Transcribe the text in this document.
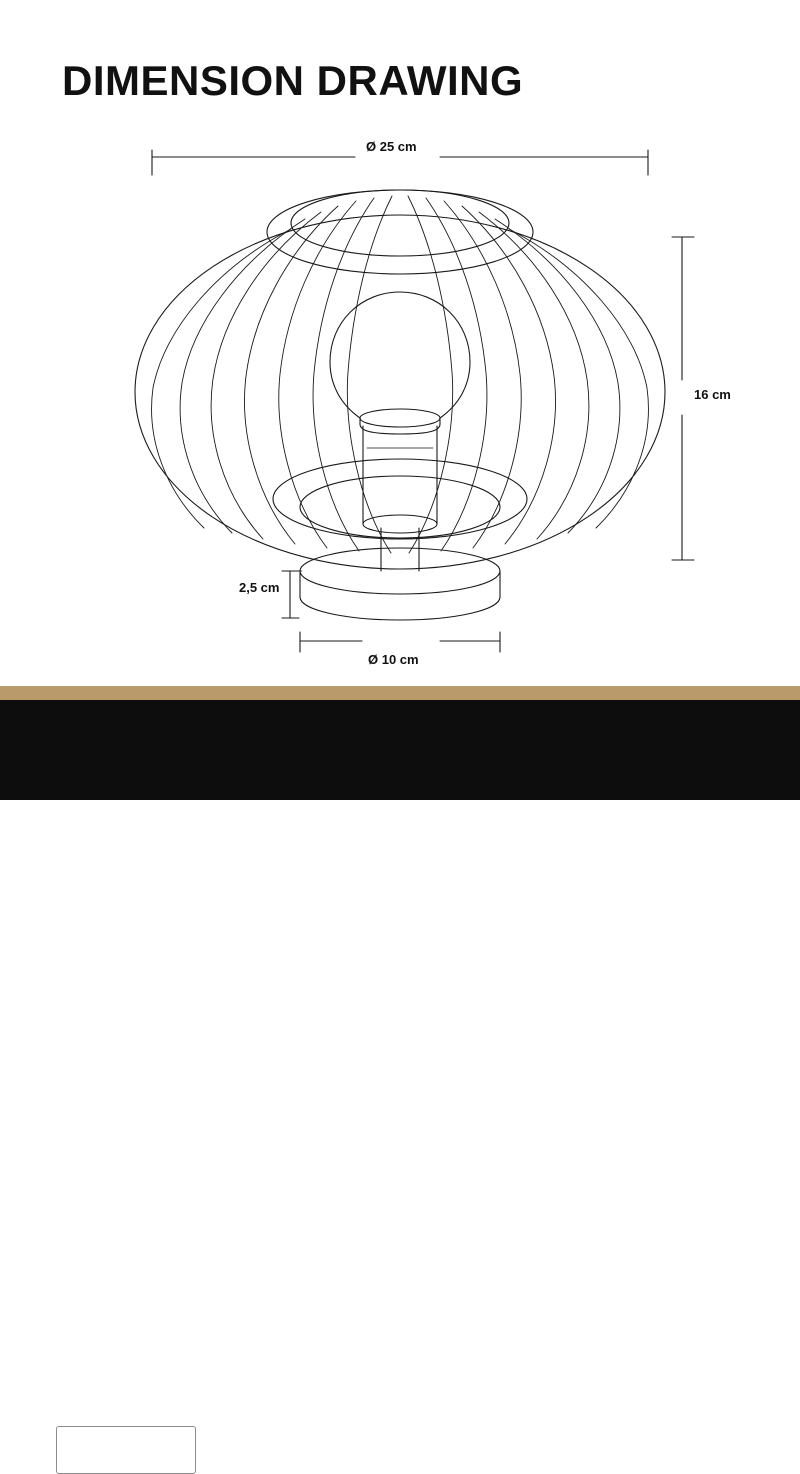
DIMENSION DRAWING
Ø 25 cm
16 cm
2,5 cm
Ø 10 cm
2	YEAR
WARRANTY	Olucia
